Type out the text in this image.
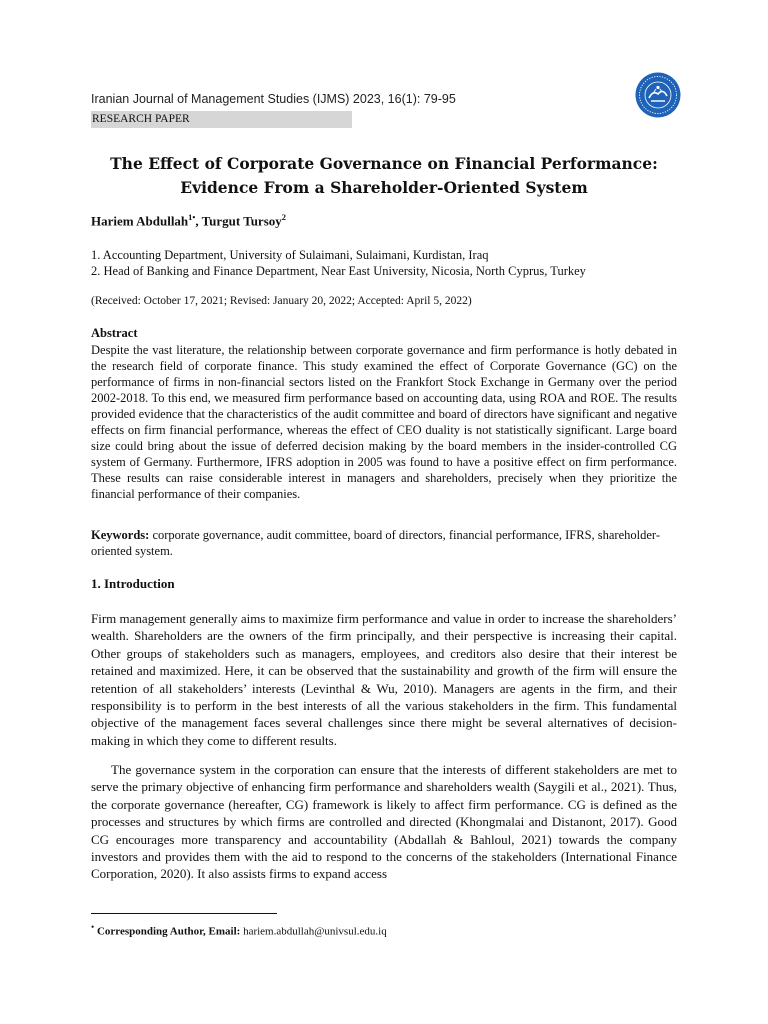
Iranian Journal of Management Studies (IJMS) 2023, 16(1): 79-95
RESEARCH PAPER
The Effect of Corporate Governance on Financial Performance:
Evidence From a Shareholder-Oriented System
Hariem Abdullah$^{1•}$, Turgut Tursoy$^2$
1. Accounting Department, University of Sulaimani, Sulaimani, Kurdistan, Iraq
2. Head of Banking and Finance Department, Near East University, Nicosia, North Cyprus, Turkey
(Received: October 17, 2021; Revised: January 20, 2022; Accepted: April 5, 2022)
Abstract
Despite the vast literature, the relationship between corporate governance and firm performance is hotly debated in the research field of corporate finance. This study examined the effect of Corporate Governance (GC) on the performance of firms in non-financial sectors listed on the Frankfort Stock Exchange in Germany over the period 2002-2018. To this end, we measured firm performance based on accounting data, using ROA and ROE. The results provided evidence that the characteristics of the audit committee and board of directors have significant and negative effects on firm financial performance, whereas the effect of CEO duality is not statistically significant. Large board size could bring about the issue of deferred decision making by the board members in the insider-controlled CG system of Germany. Furthermore, IFRS adoption in 2005 was found to have a positive effect on firm performance. These results can raise considerable interest in managers and shareholders, precisely when they prioritize the financial performance of their companies.
Keywords: corporate governance, audit committee, board of directors, financial performance, IFRS, shareholder-oriented system.
1. Introduction
Firm management generally aims to maximize firm performance and value in order to increase the shareholders’ wealth. Shareholders are the owners of the firm principally, and their perspective is increasing their capital. Other groups of stakeholders such as managers, employees, and creditors also desire that their interest be retained and maximized. Here, it can be observed that the sustainability and growth of the firm will ensure the retention of all stakeholders’ interests (Levinthal & Wu, 2010). Managers are agents in the firm, and their responsibility is to perform in the best interests of all the various stakeholders in the firm. This fundamental objective of the management faces several challenges since there might be several alternatives of decision-making in which they come to different results.
The governance system in the corporation can ensure that the interests of different stakeholders are met to serve the primary objective of enhancing firm performance and shareholders wealth (Saygili et al., 2021). Thus, the corporate governance (hereafter, CG) framework is likely to affect firm performance. CG is defined as the processes and structures by which firms are controlled and directed (Khongmalai and Distanont, 2017). Good CG encourages more transparency and accountability (Abdallah & Bahloul, 2021) towards the company investors and provides them with the aid to respond to the concerns of the stakeholders (International Finance Corporation, 2020). It also assists firms to expand access
• Corresponding Author, Email: hariem.abdullah@univsul.edu.iq
